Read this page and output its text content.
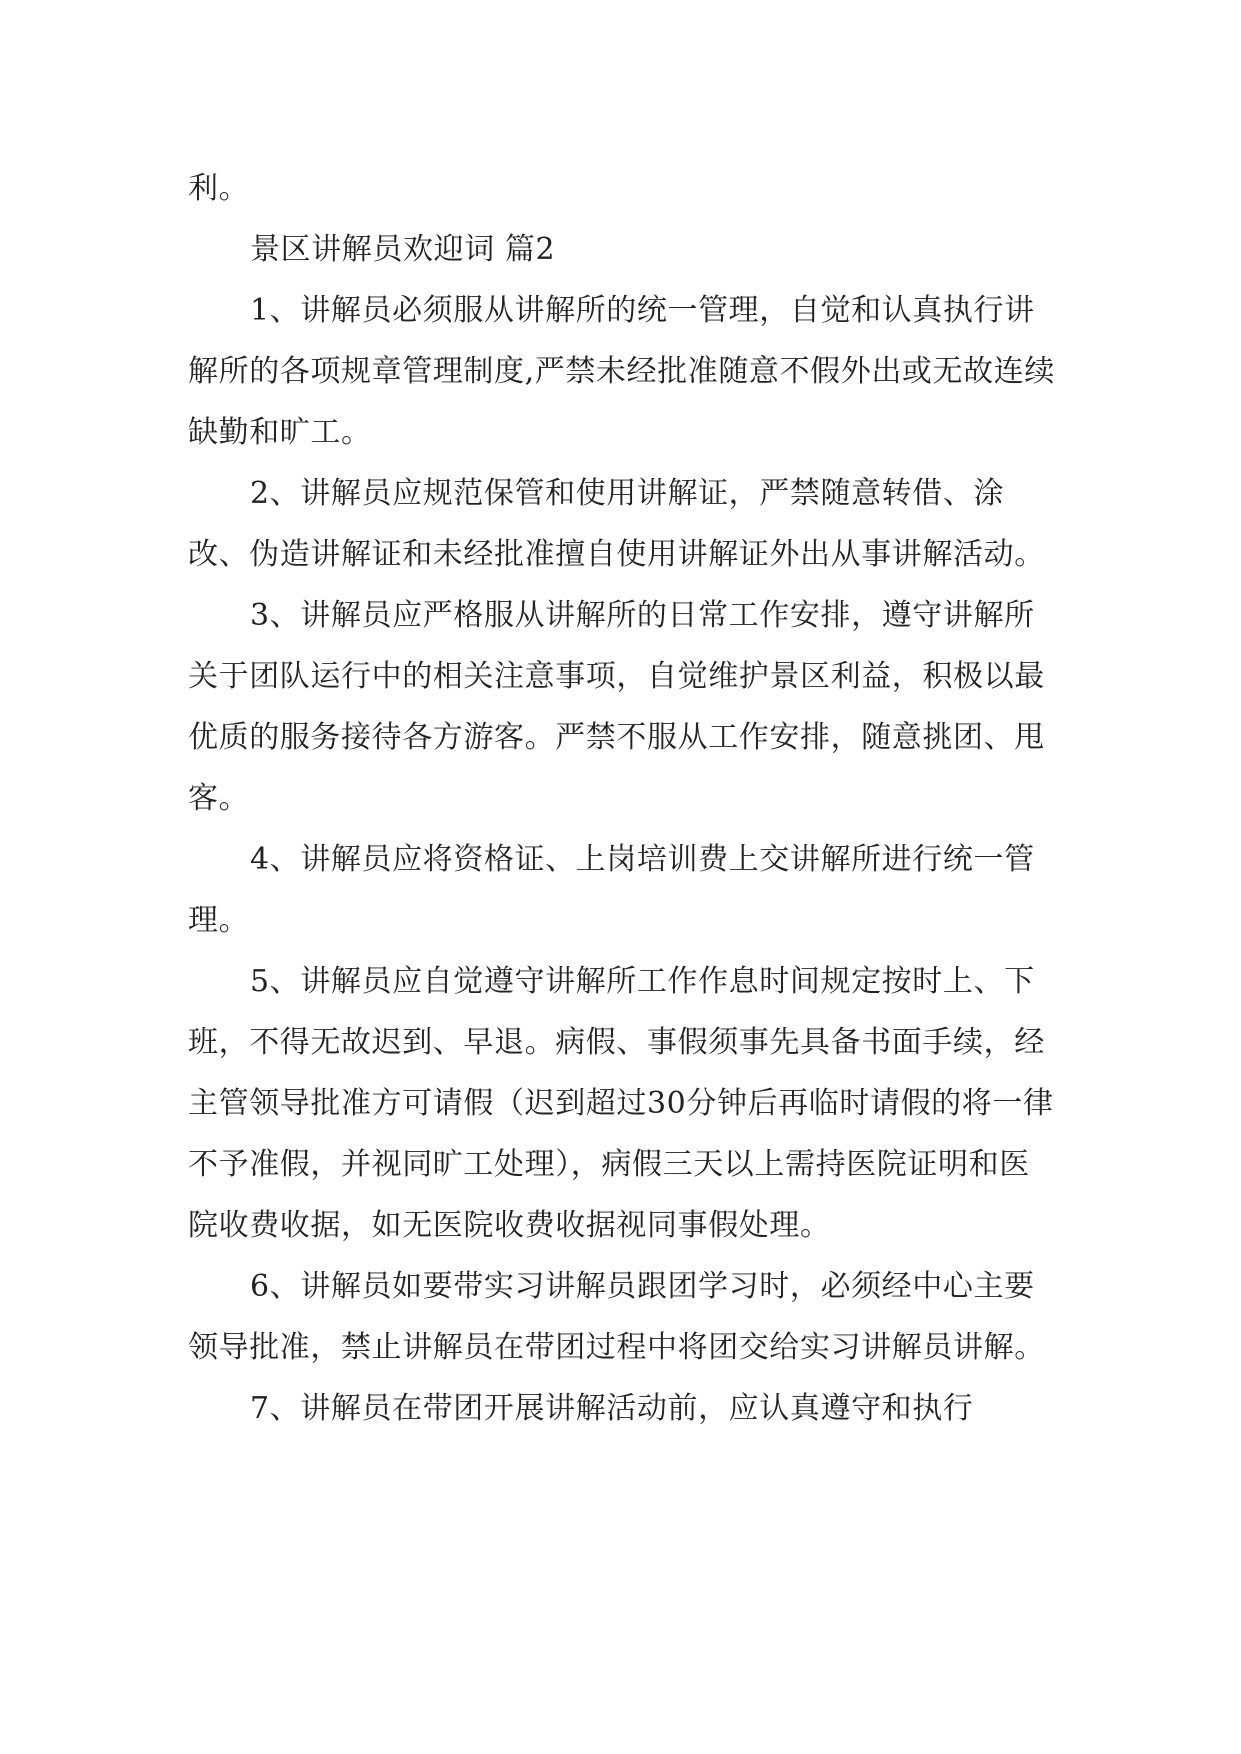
利。

景区讲解员欢迎词 篇2

1、讲解员必须服从讲解所的统一管理，自觉和认真执行讲解所的各项规章管理制度,严禁未经批准随意不假外出或无故连续缺勤和旷工。

2、讲解员应规范保管和使用讲解证，严禁随意转借、涂改、伪造讲解证和未经批准擅自使用讲解证外出从事讲解活动。

3、讲解员应严格服从讲解所的日常工作安排，遵守讲解所关于团队运行中的相关注意事项，自觉维护景区利益，积极以最优质的服务接待各方游客。严禁不服从工作安排，随意挑团、甩客。

4、讲解员应将资格证、上岗培训费上交讲解所进行统一管理。

5、讲解员应自觉遵守讲解所工作作息时间规定按时上、下班，不得无故迟到、早退。病假、事假须事先具备书面手续，经主管领导批准方可请假（迟到超过30分钟后再临时请假的将一律不予准假，并视同旷工处理），病假三天以上需持医院证明和医院收费收据，如无医院收费收据视同事假处理。

6、讲解员如要带实习讲解员跟团学习时，必须经中心主要领导批准，禁止讲解员在带团过程中将团交给实习讲解员讲解。

7、讲解员在带团开展讲解活动前，应认真遵守和执行
